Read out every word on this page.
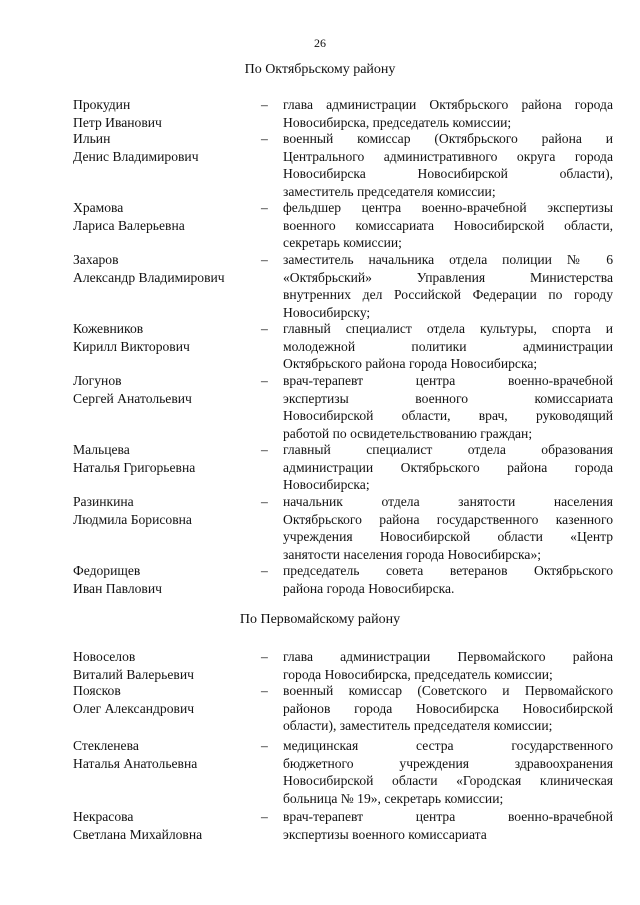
26
По Октябрьскому району
Прокудин
Петр Иванович
– глава администрации Октябрьского района города
Новосибирска, председатель комиссии;
Ильин
Денис Владимирович
– военный комиссар (Октябрьского района и
Центрального административного округа города
Новосибирска Новосибирской области),
заместитель председателя комиссии;
Храмова
Лариса Валерьевна
– фельдшер центра военно-врачебной экспертизы
военного комиссариата Новосибирской области,
секретарь комиссии;
Захаров
Александр Владимирович
– заместитель начальника отдела полиции № 6
«Октябрьский» Управления Министерства
внутренних дел Российской Федерации по городу
Новосибирску;
Кожевников
Кирилл Викторович
– главный специалист отдела культуры, спорта и
молодежной политики администрации
Октябрьского района города Новосибирска;
Логунов
Сергей Анатольевич
– врач-терапевт центра военно-врачебной
экспертизы военного комиссариата
Новосибирской области, врач, руководящий
работой по освидетельствованию граждан;
Мальцева
Наталья Григорьевна
– главный специалист отдела образования
администрации Октябрьского района города
Новосибирска;
Разинкина
Людмила Борисовна
– начальник отдела занятости населения
Октябрьского района государственного казенного
учреждения Новосибирской области «Центр
занятости населения города Новосибирска»;
Федорищев
Иван Павлович
– председатель совета ветеранов Октябрьского
района города Новосибирска.
По Первомайскому району
Новоселов
Виталий Валерьевич
– глава администрации Первомайского района
города Новосибирска, председатель комиссии;
Поясков
Олег Александрович
– военный комиссар (Советского и Первомайского
районов города Новосибирска Новосибирской
области), заместитель председателя комиссии;
Стекленева
Наталья Анатольевна
– медицинская сестра государственного
бюджетного учреждения здравоохранения
Новосибирской области «Городская клиническая
больница № 19», секретарь комиссии;
Некрасова
Светлана Михайловна
– врач-терапевт центра военно-врачебной
экспертизы военного комиссариата
